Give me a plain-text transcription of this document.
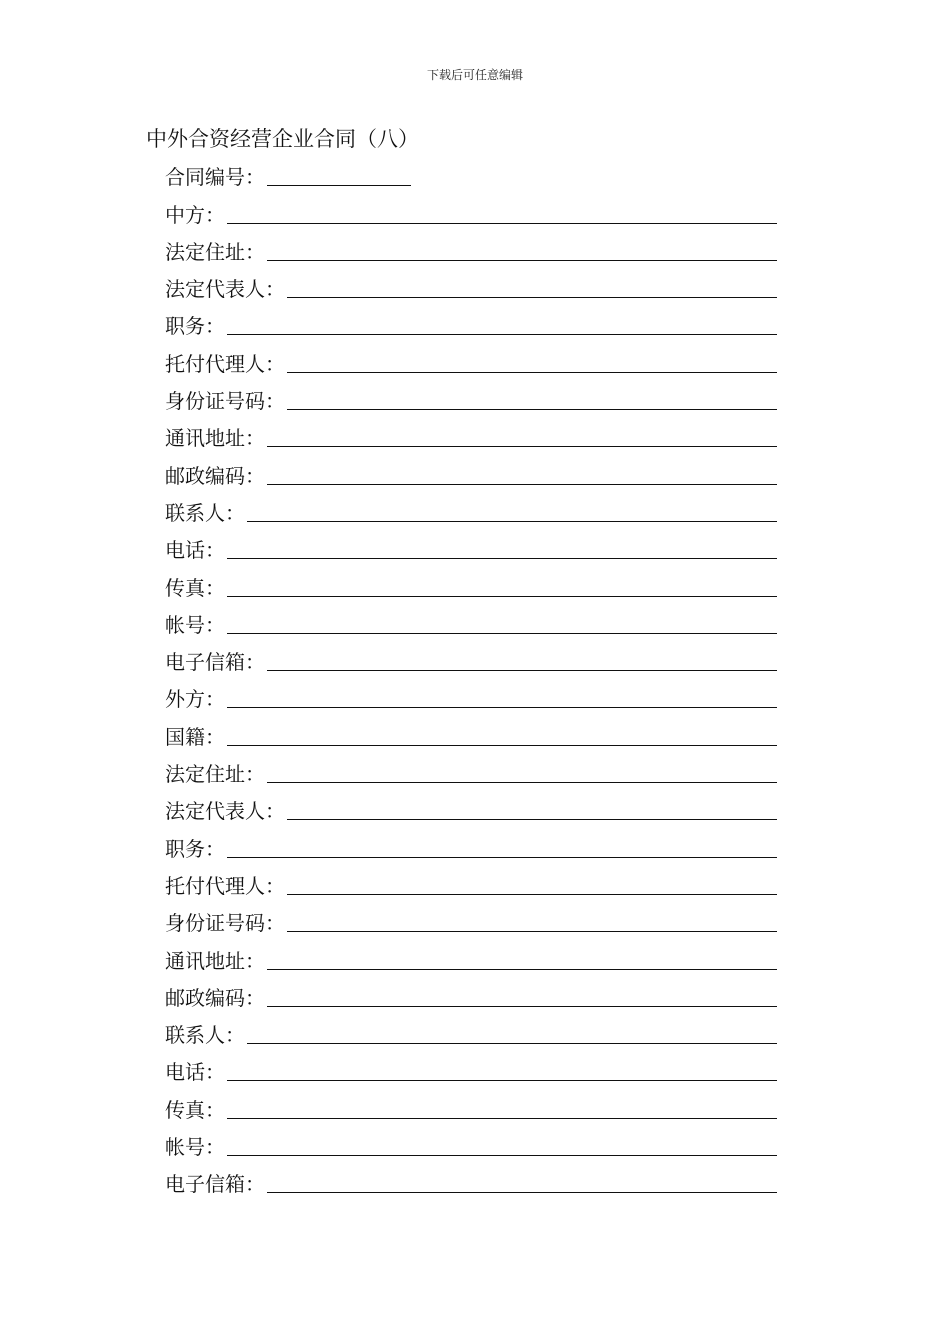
下载后可任意编辑
中外合资经营企业合同（八）
合同编号：
中方：
法定住址：
法定代表人：
职务：
托付代理人：
身份证号码：
通讯地址：
邮政编码：
联系人：
电话：
传真：
帐号：
电子信箱：
外方：
国籍：
法定住址：
法定代表人：
职务：
托付代理人：
身份证号码：
通讯地址：
邮政编码：
联系人：
电话：
传真：
帐号：
电子信箱：
